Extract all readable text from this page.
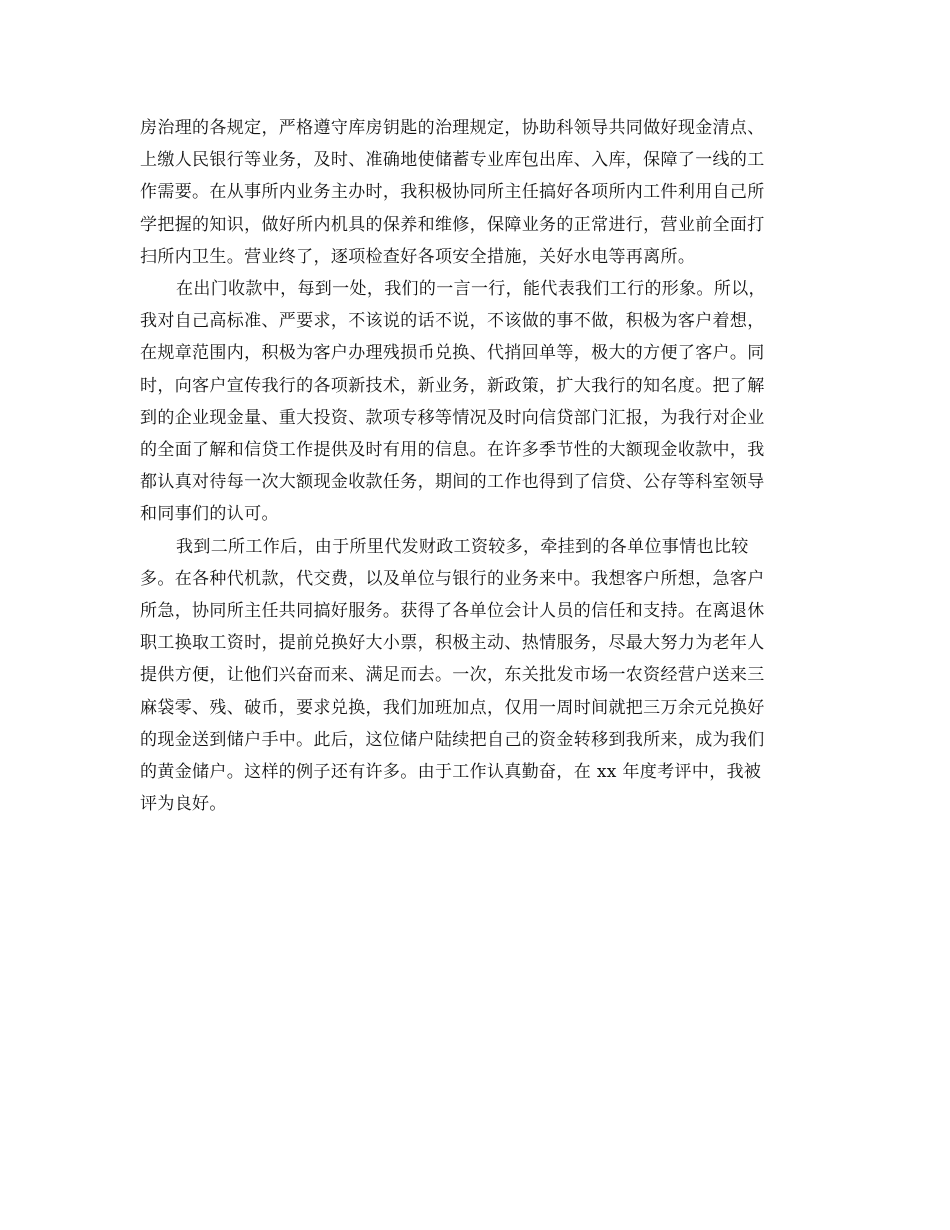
房治理的各规定，严格遵守库房钥匙的治理规定，协助科领导共同做好现金清点、
上缴人民银行等业务，及时、准确地使储蓄专业库包出库、入库，保障了一线的工
作需要。在从事所内业务主办时，我积极协同所主任搞好各项所内工件利用自己所
学把握的知识，做好所内机具的保养和维修，保障业务的正常进行，营业前全面打
扫所内卫生。营业终了，逐项检查好各项安全措施，关好水电等再离所。

在出门收款中，每到一处，我们的一言一行，能代表我们工行的形象。所以，
我对自己高标准、严要求，不该说的话不说，不该做的事不做，积极为客户着想，
在规章范围内，积极为客户办理残损币兑换、代捎回单等，极大的方便了客户。同
时，向客户宣传我行的各项新技术，新业务，新政策，扩大我行的知名度。把了解
到的企业现金量、重大投资、款项专移等情况及时向信贷部门汇报，为我行对企业
的全面了解和信贷工作提供及时有用的信息。在许多季节性的大额现金收款中，我
都认真对待每一次大额现金收款任务，期间的工作也得到了信贷、公存等科室领导
和同事们的认可。

我到二所工作后，由于所里代发财政工资较多，牵挂到的各单位事情也比较
多。在各种代机款，代交费，以及单位与银行的业务来中。我想客户所想，急客户
所急，协同所主任共同搞好服务。获得了各单位会计人员的信任和支持。在离退休
职工换取工资时，提前兑换好大小票，积极主动、热情服务，尽最大努力为老年人
提供方便，让他们兴奋而来、满足而去。一次，东关批发市场一农资经营户送来三
麻袋零、残、破币，要求兑换，我们加班加点，仅用一周时间就把三万余元兑换好
的现金送到储户手中。此后，这位储户陆续把自己的资金转移到我所来，成为我们
的黄金储户。这样的例子还有许多。由于工作认真勤奋，在 xx 年度考评中，我被
评为良好。
